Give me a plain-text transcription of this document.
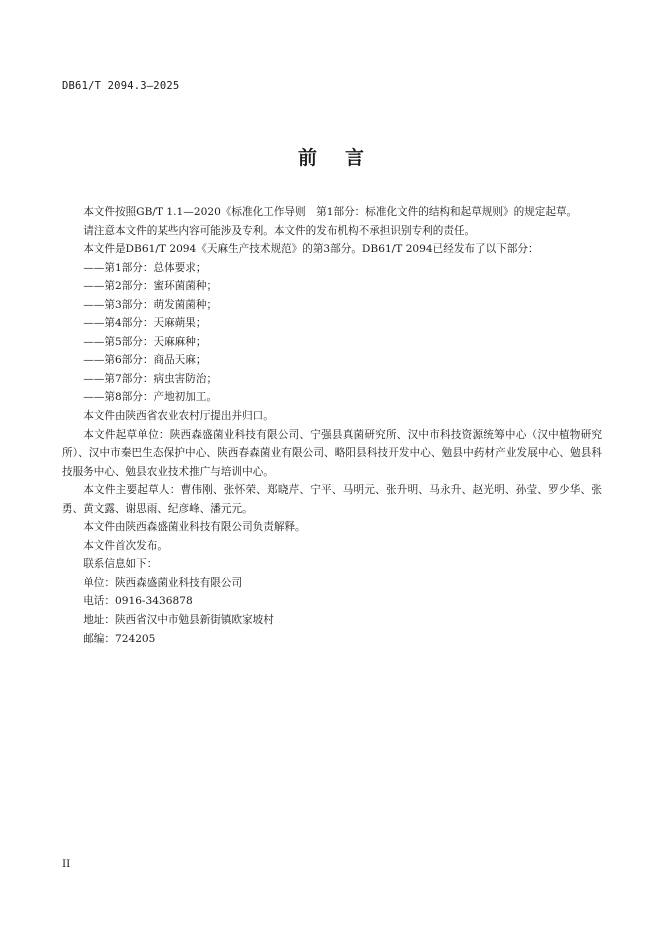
DB61/T 2094.3—2025
前 言

本文件按照GB/T 1.1—2020《标准化工作导则　第1部分：标准化文件的结构和起草规则》的规定起草。

请注意本文件的某些内容可能涉及专利。本文件的发布机构不承担识别专利的责任。

本文件是DB61/T 2094《天麻生产技术规范》的第3部分。DB61/T 2094已经发布了以下部分：

——第1部分：总体要求；

——第2部分：蜜环菌菌种；

——第3部分：萌发菌菌种；

——第4部分：天麻蒴果；

——第5部分：天麻麻种；

——第6部分：商品天麻；

——第7部分：病虫害防治；

——第8部分：产地初加工。

本文件由陕西省农业农村厅提出并归口。

本文件起草单位：陕西森盛菌业科技有限公司、宁强县真菌研究所、汉中市科技资源统筹中心（汉中植物研究所）、汉中市秦巴生态保护中心、陕西春森菌业有限公司、略阳县科技开发中心、勉县中药材产业发展中心、勉县科技服务中心、勉县农业技术推广与培训中心。

本文件主要起草人：曹伟刚、张怀荣、郑晓芹、宁平、马明元、张升明、马永升、赵光明、孙莹、罗少华、张勇、黄文露、谢思雨、纪彦峰、潘元元。

本文件由陕西森盛菌业科技有限公司负责解释。

本文件首次发布。

联系信息如下：

单位：陕西森盛菌业科技有限公司

电话：0916-3436878

地址：陕西省汉中市勉县新街镇欧家坡村

邮编：724205

II
